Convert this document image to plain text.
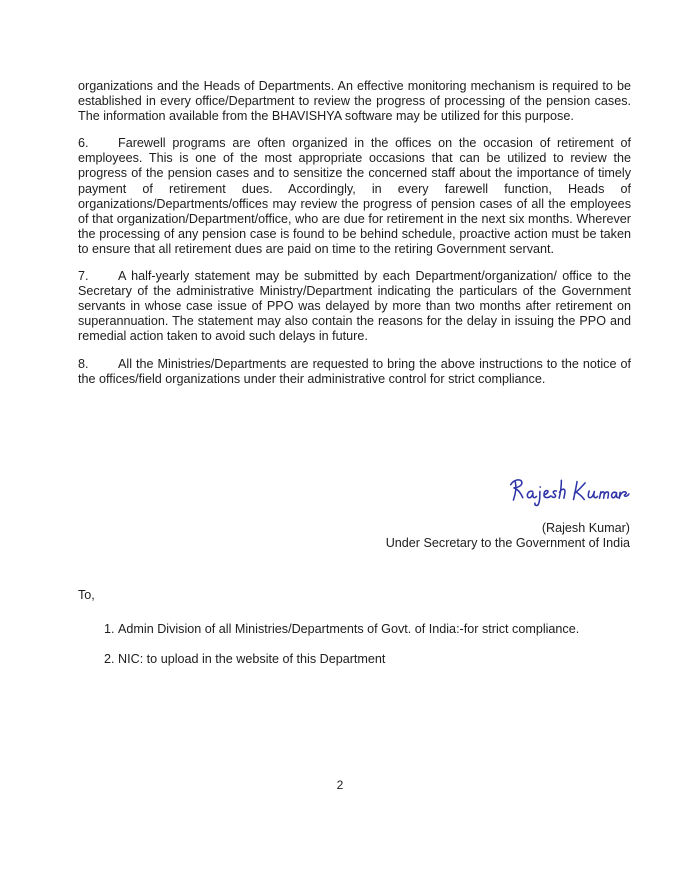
organizations and the Heads of Departments. An effective monitoring mechanism is required to be established in every office/Department to review the progress of processing of the pension cases. The information available from the BHAVISHYA software may be utilized for this purpose.

6. Farewell programs are often organized in the offices on the occasion of retirement of employees. This is one of the most appropriate occasions that can be utilized to review the progress of the pension cases and to sensitize the concerned staff about the importance of timely payment of retirement dues. Accordingly, in every farewell function, Heads of organizations/Departments/offices may review the progress of pension cases of all the employees of that organization/Department/office, who are due for retirement in the next six months. Wherever the processing of any pension case is found to be behind schedule, proactive action must be taken to ensure that all retirement dues are paid on time to the retiring Government servant.

7. A half-yearly statement may be submitted by each Department/organization/ office to the Secretary of the administrative Ministry/Department indicating the particulars of the Government servants in whose case issue of PPO was delayed by more than two months after retirement on superannuation. The statement may also contain the reasons for the delay in issuing the PPO and remedial action taken to avoid such delays in future.

8. All the Ministries/Departments are requested to bring the above instructions to the notice of the offices/field organizations under their administrative control for strict compliance.

(Rajesh Kumar)
Under Secretary to the Government of India
To,
1. Admin Division of all Ministries/Departments of Govt. of India:-for strict compliance.
2. NIC: to upload in the website of this Department
2
